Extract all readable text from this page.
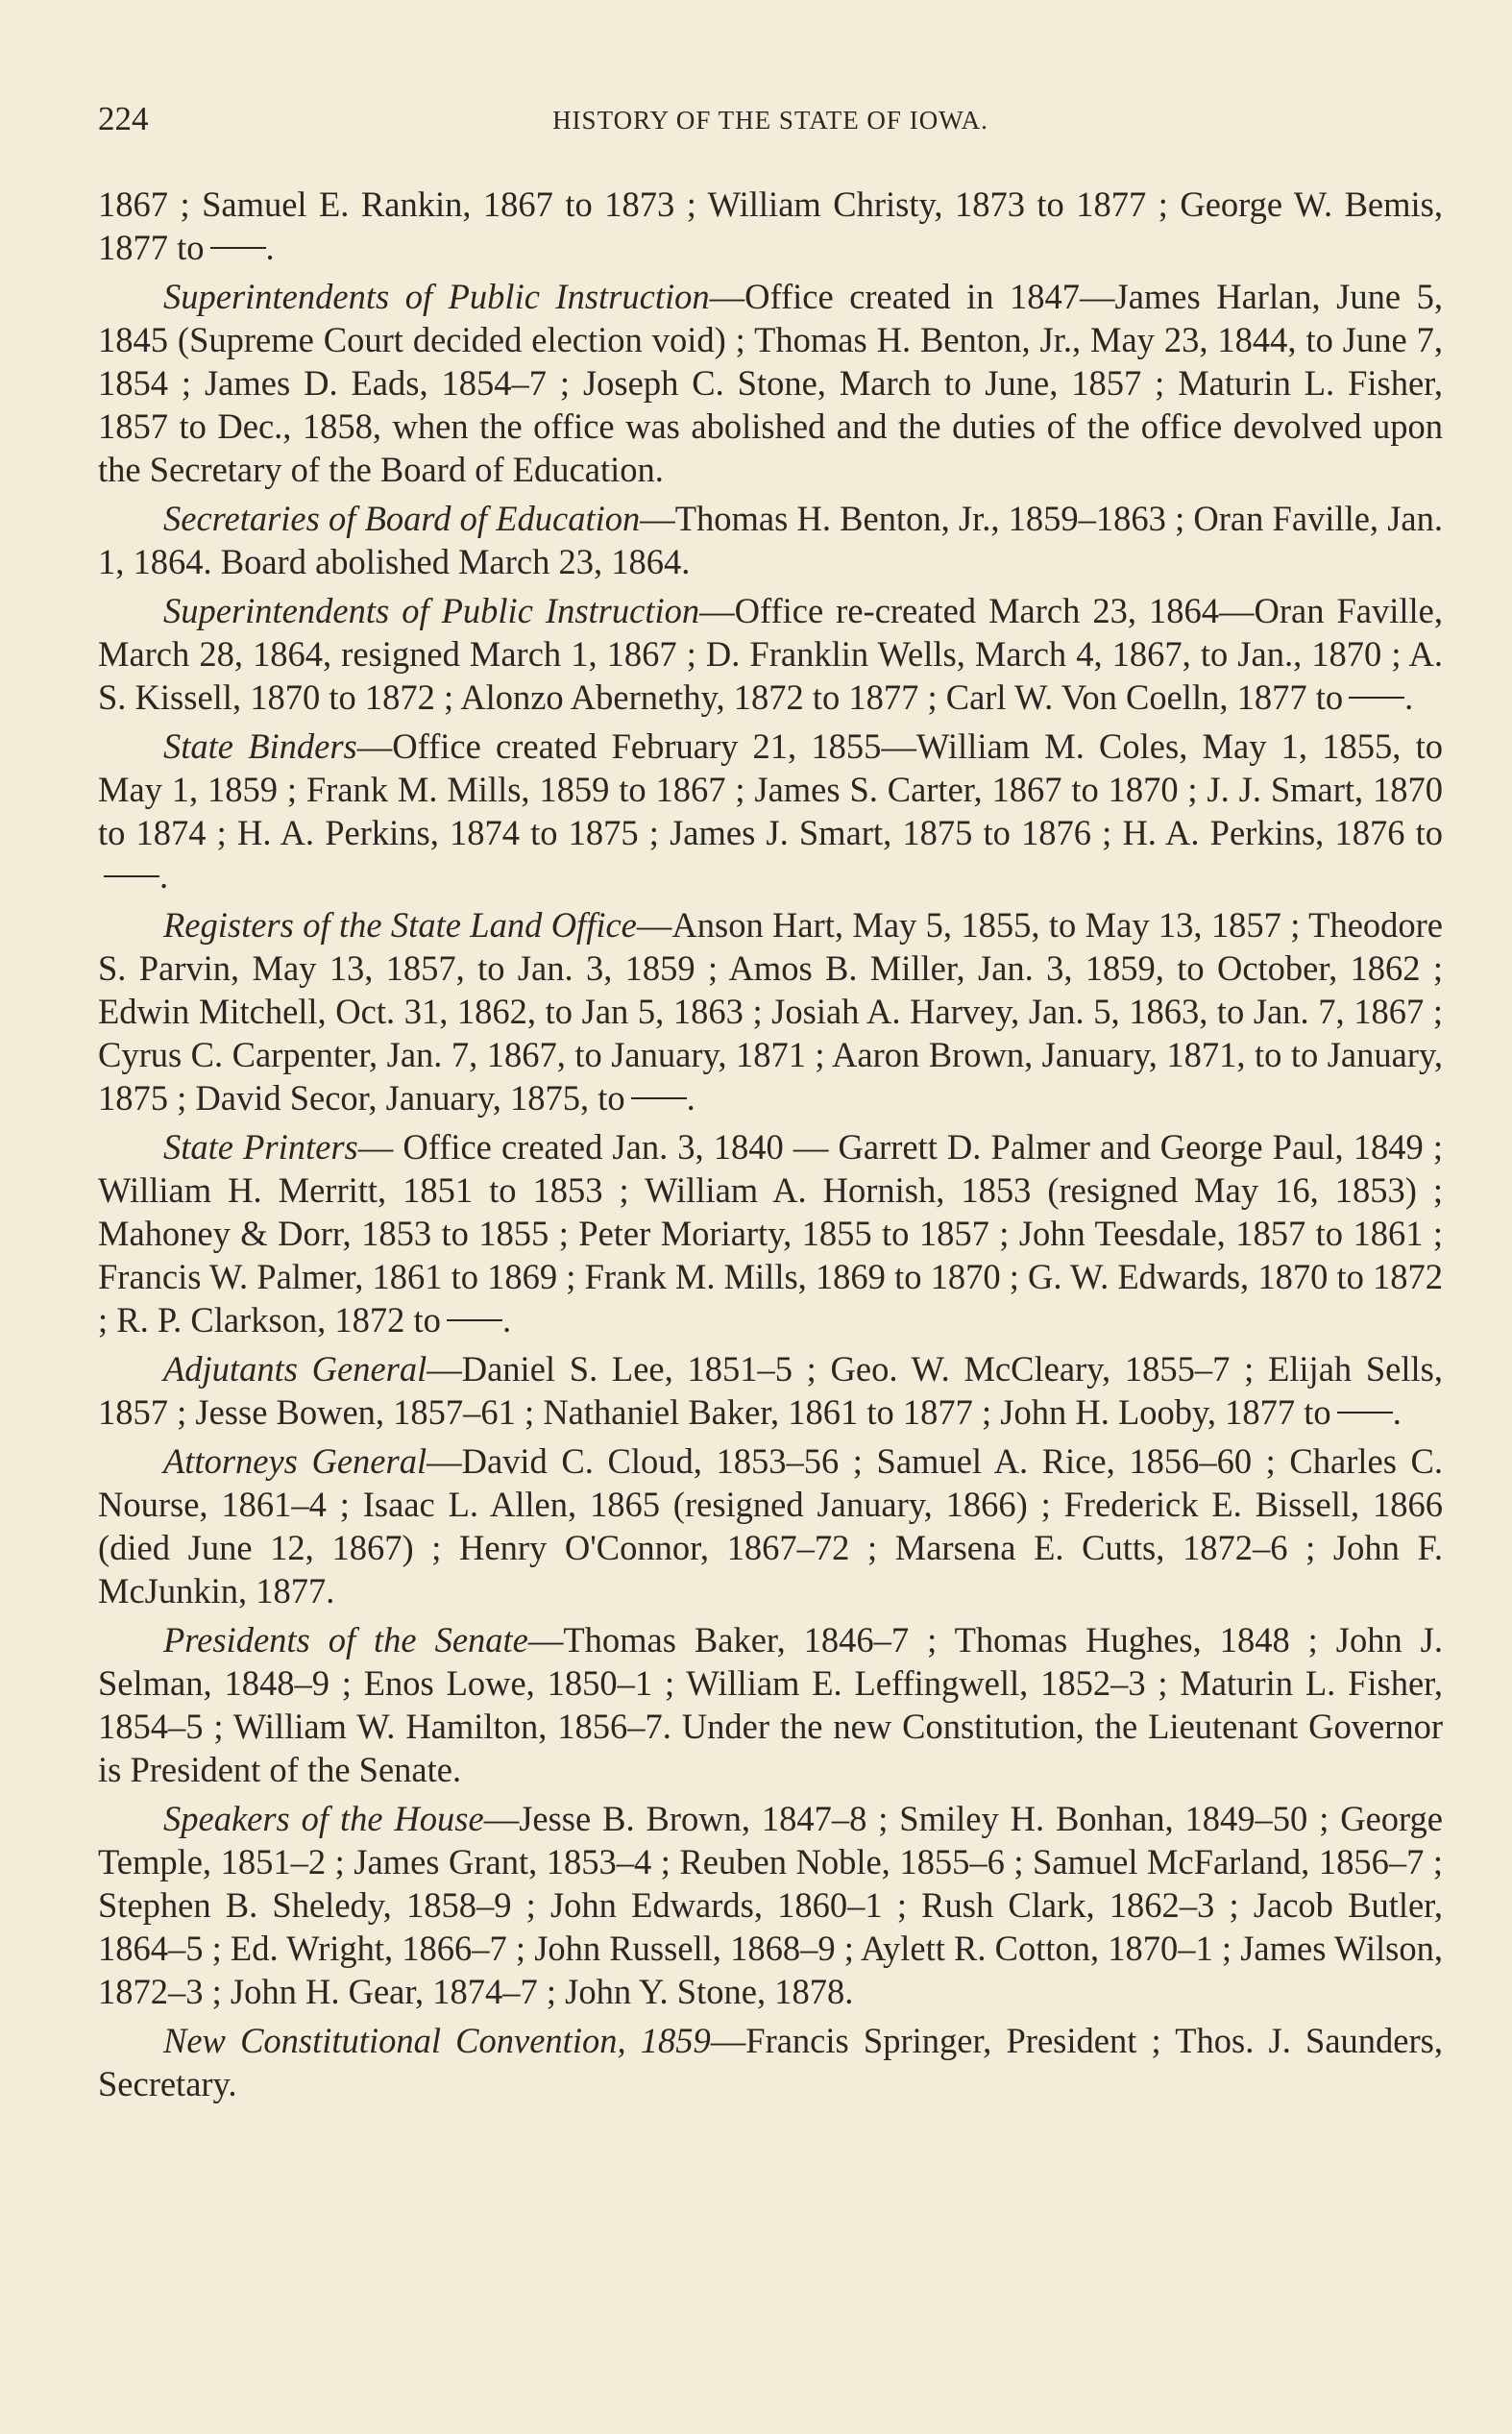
224	HISTORY OF THE STATE OF IOWA.

1867 ; Samuel E. Rankin, 1867 to 1873 ; William Christy, 1873 to 1877 ; George W. Bemis, 1877 to .

Superintendents of Public Instruction—Office created in 1847—James Harlan, June 5, 1845 (Supreme Court decided election void) ; Thomas H. Benton, Jr., May 23, 1844, to June 7, 1854 ; James D. Eads, 1854–7 ; Joseph C. Stone, March to June, 1857 ; Maturin L. Fisher, 1857 to Dec., 1858, when the office was abolished and the duties of the office devolved upon the Secretary of the Board of Education.

Secretaries of Board of Education—Thomas H. Benton, Jr., 1859–1863 ; Oran Faville, Jan. 1, 1864. Board abolished March 23, 1864.

Superintendents of Public Instruction—Office re-created March 23, 1864—Oran Faville, March 28, 1864, resigned March 1, 1867 ; D. Franklin Wells, March 4, 1867, to Jan., 1870 ; A. S. Kissell, 1870 to 1872 ; Alonzo Abernethy, 1872 to 1877 ; Carl W. Von Coelln, 1877 to .

State Binders—Office created February 21, 1855—William M. Coles, May 1, 1855, to May 1, 1859 ; Frank M. Mills, 1859 to 1867 ; James S. Carter, 1867 to 1870 ; J. J. Smart, 1870 to 1874 ; H. A. Perkins, 1874 to 1875 ; James J. Smart, 1875 to 1876 ; H. A. Perkins, 1876 to.

Registers of the State Land Office—Anson Hart, May 5, 1855, to May 13, 1857 ; Theodore S. Parvin, May 13, 1857, to Jan. 3, 1859 ; Amos B. Miller, Jan. 3, 1859, to October, 1862 ; Edwin Mitchell, Oct. 31, 1862, to Jan 5, 1863 ; Josiah A. Harvey, Jan. 5, 1863, to Jan. 7, 1867 ; Cyrus C. Carpenter, Jan. 7, 1867, to January, 1871 ; Aaron Brown, January, 1871, to to January, 1875 ; David Secor, January, 1875, to .

State Printers— Office created Jan. 3, 1840 — Garrett D. Palmer and George Paul, 1849 ; William H. Merritt, 1851 to 1853 ; William A. Hornish, 1853 (resigned May 16, 1853) ; Mahoney & Dorr, 1853 to 1855 ; Peter Moriarty, 1855 to 1857 ; John Teesdale, 1857 to 1861 ; Francis W. Palmer, 1861 to 1869 ; Frank M. Mills, 1869 to 1870 ; G. W. Edwards, 1870 to 1872 ; R. P. Clarkson, 1872 to .

Adjutants General—Daniel S. Lee, 1851–5 ; Geo. W. McCleary, 1855–7 ; Elijah Sells, 1857 ; Jesse Bowen, 1857–61 ; Nathaniel Baker, 1861 to 1877 ; John H. Looby, 1877 to .

Attorneys General—David C. Cloud, 1853–56 ; Samuel A. Rice, 1856–60 ; Charles C. Nourse, 1861–4 ; Isaac L. Allen, 1865 (resigned January, 1866) ; Frederick E. Bissell, 1866 (died June 12, 1867) ; Henry O'Connor, 1867–72 ; Marsena E. Cutts, 1872–6 ; John F. McJunkin, 1877.

Presidents of the Senate—Thomas Baker, 1846–7 ; Thomas Hughes, 1848 ; John J. Selman, 1848–9 ; Enos Lowe, 1850–1 ; William E. Leffingwell, 1852–3 ; Maturin L. Fisher, 1854–5 ; William W. Hamilton, 1856–7. Under the new Constitution, the Lieutenant Governor is President of the Senate.

Speakers of the House—Jesse B. Brown, 1847–8 ; Smiley H. Bonhan, 1849–50 ; George Temple, 1851–2 ; James Grant, 1853–4 ; Reuben Noble, 1855–6 ; Samuel McFarland, 1856–7 ; Stephen B. Sheledy, 1858–9 ; John Edwards, 1860–1 ; Rush Clark, 1862–3 ; Jacob Butler, 1864–5 ; Ed. Wright, 1866–7 ; John Russell, 1868–9 ; Aylett R. Cotton, 1870–1 ; James Wilson, 1872–3 ; John H. Gear, 1874–7 ; John Y. Stone, 1878.

New Constitutional Convention, 1859—Francis Springer, President ; Thos. J. Saunders, Secretary.
